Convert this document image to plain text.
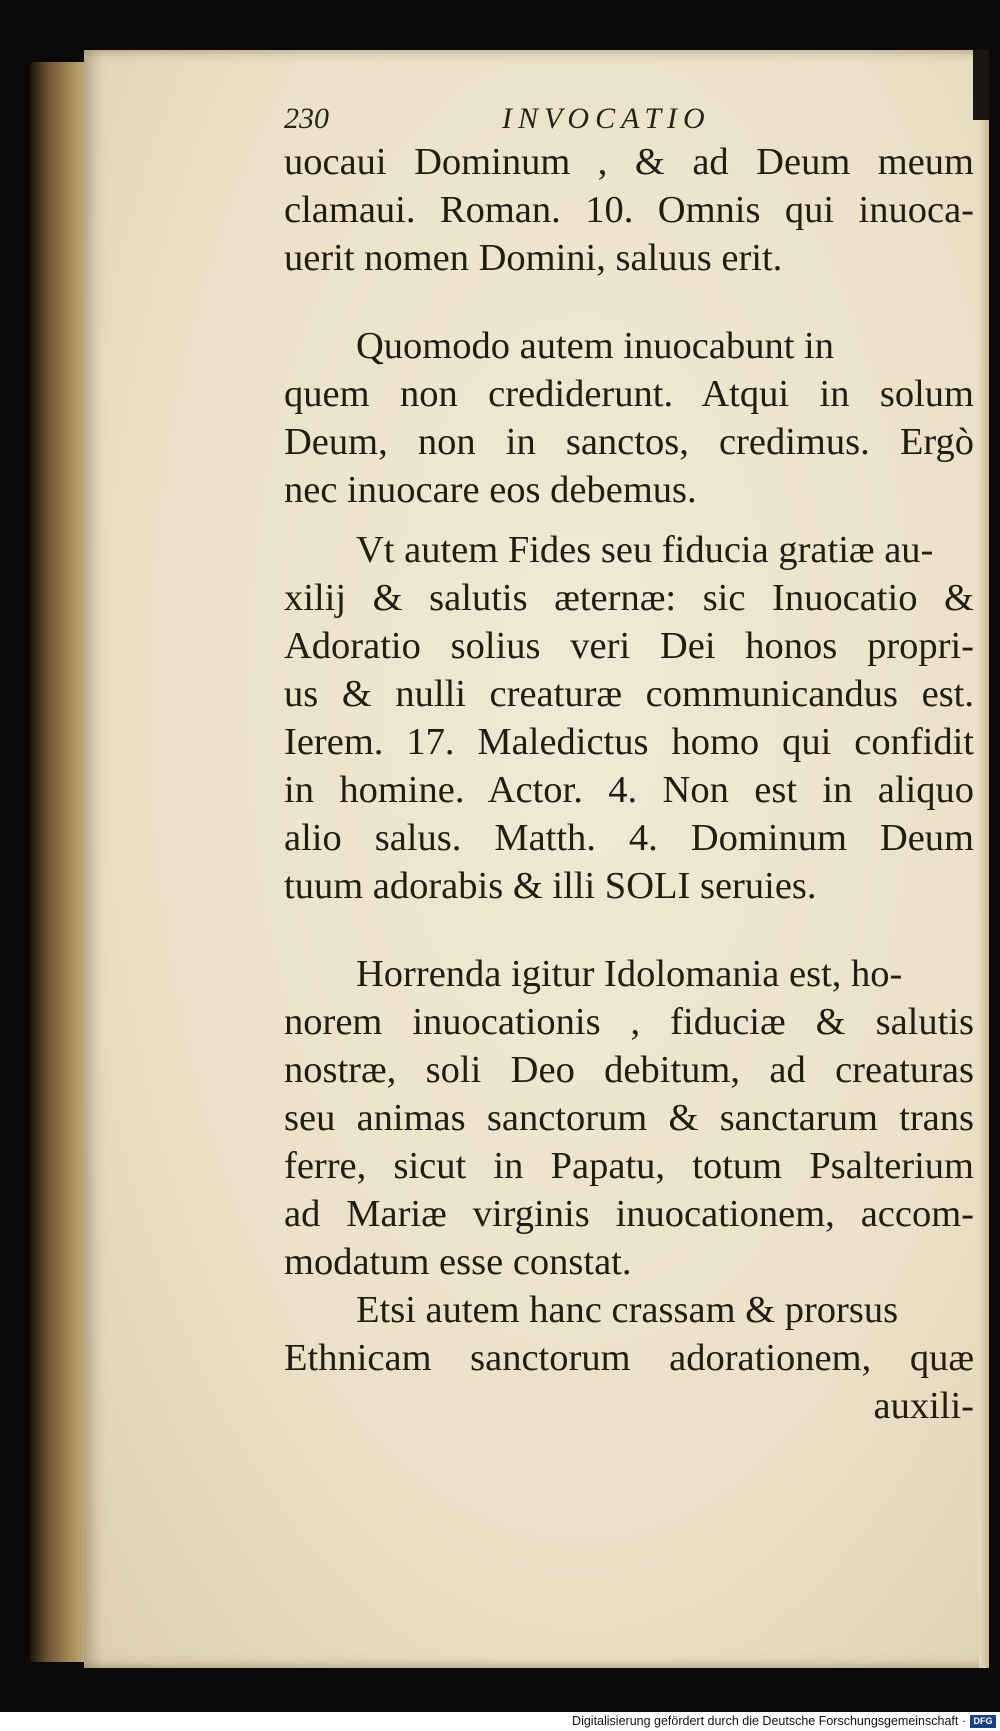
230	INVOCATIO
uocaui Dominum , & ad Deum meum
clamaui. Roman. 10. Omnis qui inuoca-
uerit nomen Domini, saluus erit.
Quomodo autem inuocabunt in
quem non crediderunt. Atqui in solum
Deum, non in sanctos, credimus. Ergò
nec inuocare eos debemus.
Vt autem Fides seu fiducia gratiæ au-
xilij & salutis æternæ: sic Inuocatio &
Adoratio solius veri Dei honos propri-
us & nulli creaturæ communicandus est.
Ierem. 17. Maledictus homo qui confidit
in homine. Actor. 4. Non est in aliquo
alio salus. Matth. 4. Dominum Deum
tuum adorabis & illi SOLI seruies.
Horrenda igitur Idolomania est, ho-
norem inuocationis , fiduciæ & salutis
nostræ, soli Deo debitum, ad creaturas
seu animas sanctorum & sanctarum trans
ferre, sicut in Papatu, totum Psalterium
ad Mariæ virginis inuocationem, accom-
modatum esse constat.
Etsi autem hanc crassam & prorsus
Ethnicam sanctorum adorationem, quæ
auxili-
Digitalisierung gefördert durch die Deutsche Forschungsgemeinschaft · DFG
